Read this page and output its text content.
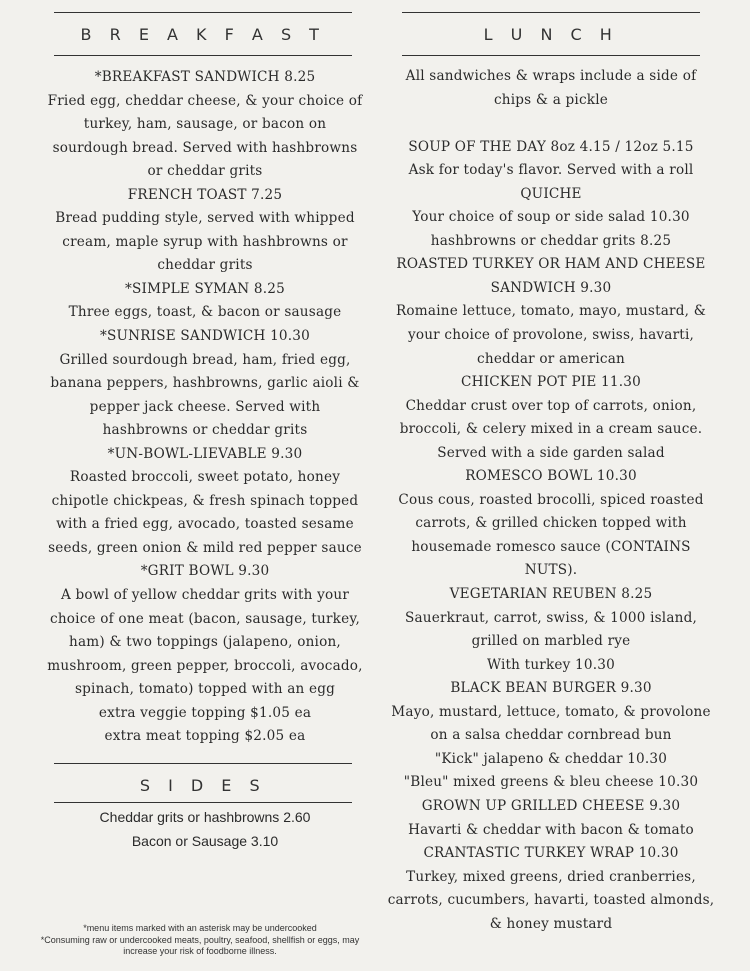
B R E A K F A S T
*BREAKFAST SANDWICH 8.25
Fried egg, cheddar cheese, & your choice of
turkey, ham, sausage, or bacon on
sourdough bread. Served with hashbrowns
or cheddar grits
FRENCH TOAST 7.25
Bread pudding style, served with whipped
cream, maple syrup with hashbrowns or
cheddar grits
*SIMPLE SYMAN 8.25
Three eggs, toast, & bacon or sausage
*SUNRISE SANDWICH 10.30
Grilled sourdough bread, ham, fried egg,
banana peppers, hashbrowns, garlic aioli &
pepper jack cheese. Served with
hashbrowns or cheddar grits
*UN-BOWL-LIEVABLE 9.30
Roasted broccoli, sweet potato, honey
chipotle chickpeas, & fresh spinach topped
with a fried egg, avocado, toasted sesame
seeds, green onion & mild red pepper sauce
*GRIT BOWL 9.30
A bowl of yellow cheddar grits with your
choice of one meat (bacon, sausage, turkey,
ham) & two toppings (jalapeno, onion,
mushroom, green pepper, broccoli, avocado,
spinach, tomato) topped with an egg
extra veggie topping $1.05 ea
extra meat topping $2.05 ea
S I D E S
Cheddar grits or hashbrowns 2.60
Bacon or Sausage 3.10
*menu items marked with an asterisk may be undercooked
*Consuming raw or undercooked meats, poultry, seafood, shellfish or eggs, may
increase your risk of foodborne illness.
L U N C H
All sandwiches & wraps include a side of
chips & a pickle

SOUP OF THE DAY 8oz 4.15 / 12oz 5.15
Ask for today's flavor. Served with a roll
QUICHE
Your choice of soup or side salad 10.30
hashbrowns or cheddar grits 8.25
ROASTED TURKEY OR HAM AND CHEESE
SANDWICH 9.30
Romaine lettuce, tomato, mayo, mustard, &
your choice of provolone, swiss, havarti,
cheddar or american
CHICKEN POT PIE 11.30
Cheddar crust over top of carrots, onion,
broccoli, & celery mixed in a cream sauce.
Served with a side garden salad
ROMESCO BOWL 10.30
Cous cous, roasted brocolli, spiced roasted
carrots, & grilled chicken topped with
housemade romesco sauce (CONTAINS
NUTS).
VEGETARIAN REUBEN 8.25
Sauerkraut, carrot, swiss, & 1000 island,
grilled on marbled rye
With turkey 10.30
BLACK BEAN BURGER 9.30
Mayo, mustard, lettuce, tomato, & provolone
on a salsa cheddar cornbread bun
"Kick" jalapeno & cheddar 10.30
"Bleu" mixed greens & bleu cheese 10.30
GROWN UP GRILLED CHEESE 9.30
Havarti & cheddar with bacon & tomato
CRANTASTIC TURKEY WRAP 10.30
Turkey, mixed greens, dried cranberries,
carrots, cucumbers, havarti, toasted almonds,
& honey mustard
